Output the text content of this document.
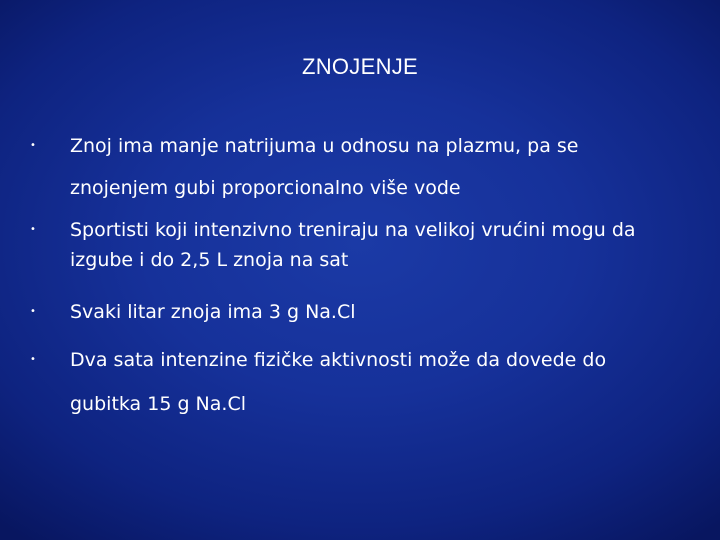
ZNOJENJE
•	Znoj ima manje natrijuma u odnosu na plazmu, pa se
znojenjem gubi proporcionalno više vode
•	Sportisti koji intenzivno treniraju na velikoj vrućini mogu da
izgube i do 2,5 L znoja na sat
•	Svaki litar znoja ima 3 g Na.Cl
•	Dva sata intenzine fizičke aktivnosti može da dovede do
gubitka 15 g Na.Cl
